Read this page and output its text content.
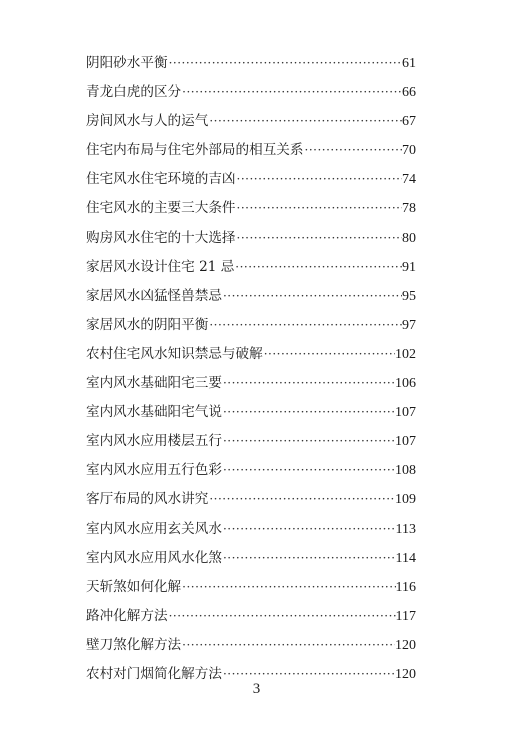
阴阳砂水平衡 ·····	61
青龙白虎的区分 ·····	66
房间风水与人的运气 ·····	67
住宅内布局与住宅外部局的相互关系 ·····	70
住宅风水住宅环境的吉凶 ·····	74
住宅风水的主要三大条件 ·····	78
购房风水住宅的十大选择 ·····	80
家居风水设计住宅 21 忌 ·····	91
家居风水凶猛怪兽禁忌 ·····	95
家居风水的阴阳平衡 ·····	97
农村住宅风水知识禁忌与破解 ·····	102
室内风水基础阳宅三要 ·····	106
室内风水基础阳宅气说 ·····	107
室内风水应用楼层五行 ·····	107
室内风水应用五行色彩 ·····	108
客厅布局的风水讲究 ·····	109
室内风水应用玄关风水 ·····	113
室内风水应用风水化煞 ·····	114
天斩煞如何化解 ·····	116
路冲化解方法 ·····	117
壁刀煞化解方法 ·····	120
农村对门烟简化解方法 ·····	120
3
